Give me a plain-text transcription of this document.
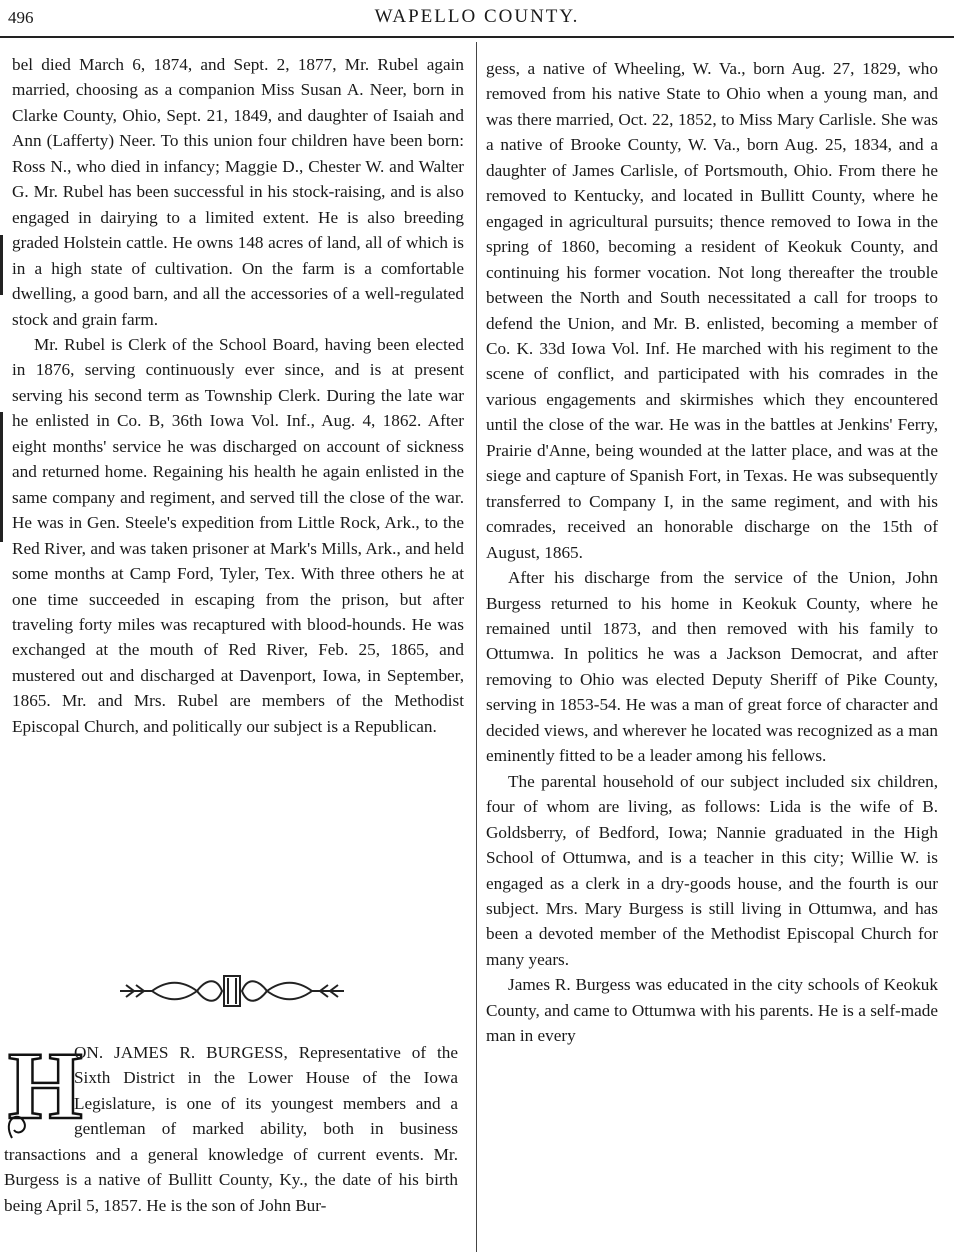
496	WAPELLO COUNTY.

bel died March 6, 1874, and Sept. 2, 1877, Mr. Rubel again married, choosing as a companion Miss Susan A. Neer, born in Clarke County, Ohio, Sept. 21, 1849, and daughter of Isaiah and Ann (Lafferty) Neer. To this union four children have been born: Ross N., who died in infancy; Maggie D., Chester W. and Walter G. Mr. Rubel has been successful in his stock-raising, and is also engaged in dairying to a limited extent. He is also breeding graded Holstein cattle. He owns 148 acres of land, all of which is in a high state of cultivation. On the farm is a comfortable dwelling, a good barn, and all the accessories of a well-regulated stock and grain farm.

Mr. Rubel is Clerk of the School Board, having been elected in 1876, serving continuously ever since, and is at present serving his second term as Township Clerk. During the late war he enlisted in Co. B, 36th Iowa Vol. Inf., Aug. 4, 1862. After eight months' service he was discharged on account of sickness and returned home. Regaining his health he again enlisted in the same company and regiment, and served till the close of the war. He was in Gen. Steele's expedition from Little Rock, Ark., to the Red River, and was taken prisoner at Mark's Mills, Ark., and held some months at Camp Ford, Tyler, Tex. With three others he at one time succeeded in escaping from the prison, but after traveling forty miles was recaptured with blood-hounds. He was exchanged at the mouth of Red River, Feb. 25, 1865, and mustered out and discharged at Davenport, Iowa, in September, 1865. Mr. and Mrs. Rubel are members of the Methodist Episcopal Church, and politically our subject is a Republican.

H

ON. JAMES R. BURGESS, Representative of the Sixth District in the Lower House of the Iowa Legislature, is one of its youngest members and a gentleman of marked ability, both in business transactions and a general knowledge of current events. Mr. Burgess is a native of Bullitt County, Ky., the date of his birth being April 5, 1857. He is the son of John Bur-

gess, a native of Wheeling, W. Va., born Aug. 27, 1829, who removed from his native State to Ohio when a young man, and was there married, Oct. 22, 1852, to Miss Mary Carlisle. She was a native of Brooke County, W. Va., born Aug. 25, 1834, and a daughter of James Carlisle, of Portsmouth, Ohio. From there he removed to Kentucky, and located in Bullitt County, where he engaged in agricultural pursuits; thence removed to Iowa in the spring of 1860, becoming a resident of Keokuk County, and continuing his former vocation. Not long thereafter the trouble between the North and South necessitated a call for troops to defend the Union, and Mr. B. enlisted, becoming a member of Co. K. 33d Iowa Vol. Inf. He marched with his regiment to the scene of conflict, and participated with his comrades in the various engagements and skirmishes which they encountered until the close of the war. He was in the battles at Jenkins' Ferry, Prairie d'Anne, being wounded at the latter place, and was at the siege and capture of Spanish Fort, in Texas. He was subsequently transferred to Company I, in the same regiment, and with his comrades, received an honorable discharge on the 15th of August, 1865.

After his discharge from the service of the Union, John Burgess returned to his home in Keokuk County, where he remained until 1873, and then removed with his family to Ottumwa. In politics he was a Jackson Democrat, and after removing to Ohio was elected Deputy Sheriff of Pike County, serving in 1853-54. He was a man of great force of character and decided views, and wherever he located was recognized as a man eminently fitted to be a leader among his fellows.

The parental household of our subject included six children, four of whom are living, as follows: Lida is the wife of B. Goldsberry, of Bedford, Iowa; Nannie graduated in the High School of Ottumwa, and is a teacher in this city; Willie W. is engaged as a clerk in a dry-goods house, and the fourth is our subject. Mrs. Mary Burgess is still living in Ottumwa, and has been a devoted member of the Methodist Episcopal Church for many years.

James R. Burgess was educated in the city schools of Keokuk County, and came to Ottumwa with his parents. He is a self-made man in every
